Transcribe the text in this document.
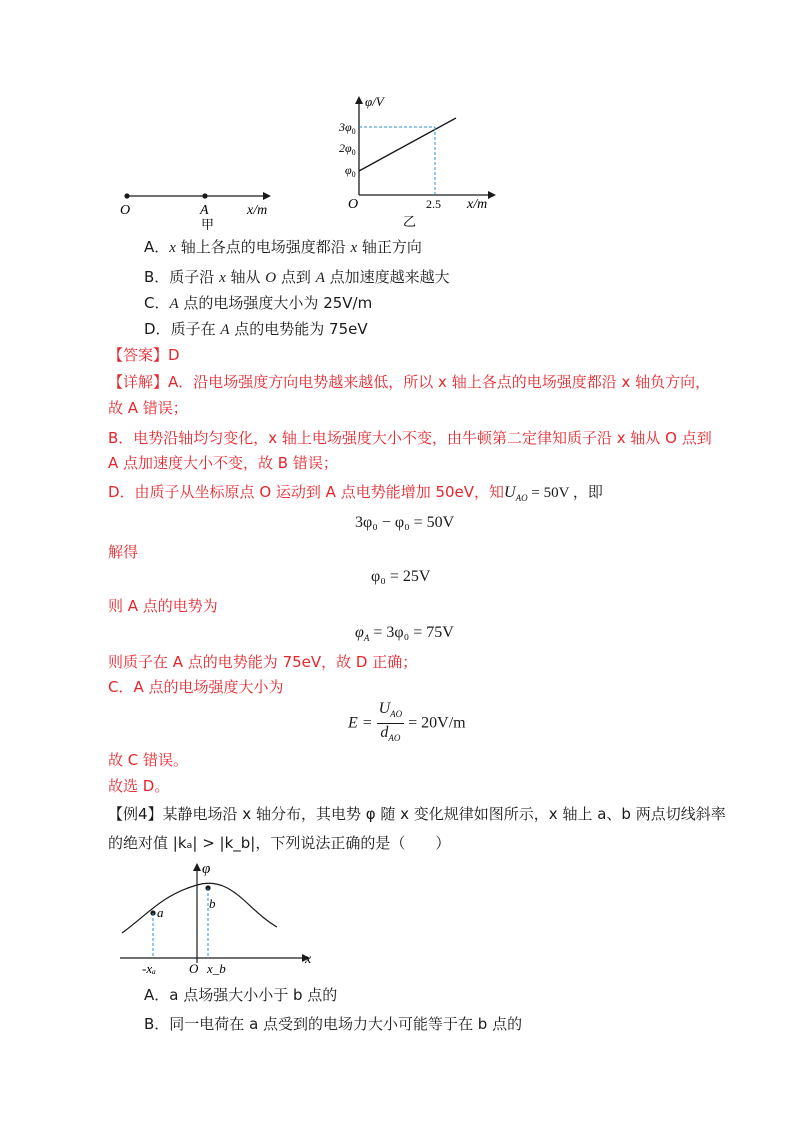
O	A	x/m
甲
φ/V
$3\varphi_0$
$2\varphi_0$
$\varphi_0$
O	2.5 x/m
乙
A．x 轴上各点的电场强度都沿 x 轴正方向
B．质子沿 x 轴从 O 点到 A 点加速度越来越大
C．A 点的电场强度大小为 25V/m
D．质子在 A 点的电势能为 75eV
【答案】D
【详解】A．沿电场强度方向电势越来越低，所以 x 轴上各点的电场强度都沿 x 轴负方向，
故 A 错误；
B．电势沿轴均匀变化，x 轴上电场强度大小不变，由牛顿第二定律知质子沿 x 轴从 O 点到
A 点加速度大小不变，故 B 错误；
D．由质子从坐标原点 O 运动到 A 点电势能增加 50eV，知$U_{AO} = 50V$ ，即
3φ₀ − φ₀ = 50V
解得
φ₀ = 25V
则 A 点的电势为
$\varphi_A = 3\varphi_0 = 75V$
则质子在 A 点的电势能为 75eV，故 D 正确；
C．A 点的电场强度大小为
$E = \frac{U_{AO}}{d_{AO}} = 20V/m$
故 C 错误。
故选 D。
【例4】某静电场沿 x 轴分布，其电势 φ 随 x 变化规律如图所示，x 轴上 a、b 两点切线斜率
的绝对值 |kₐ| > |k_b|，下列说法正确的是（　　）
φ
x
O
a
b
-xₐ	x_b
A．a 点场强大小小于 b 点的
B．同一电荷在 a 点受到的电场力大小可能等于在 b 点的
